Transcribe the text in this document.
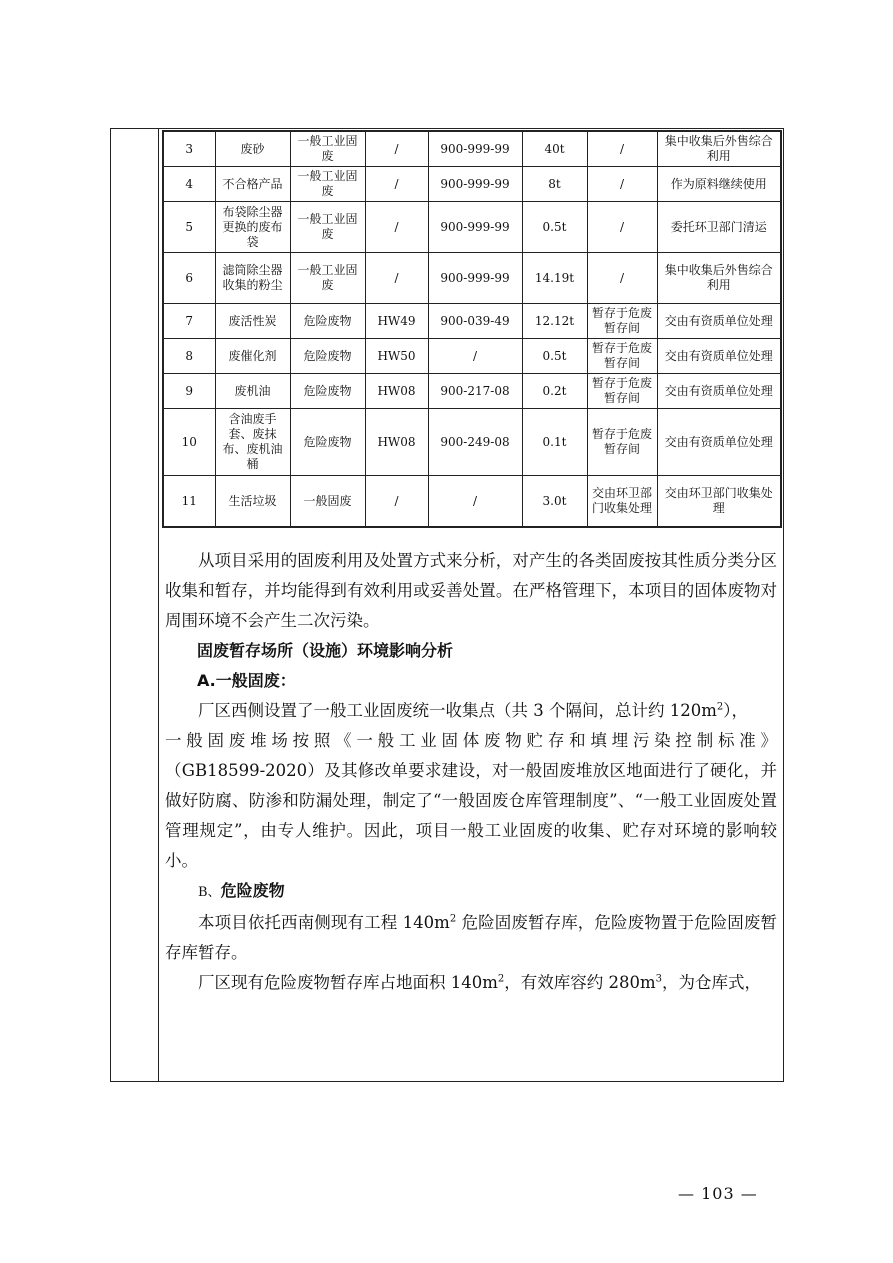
3	废砂	一般工业固废	/	900-999-99	40t	/	集中收集后外售综合利用
4	不合格产品	一般工业固废	/	900-999-99	8t	/	作为原料继续使用
5	布袋除尘器更换的废布袋	一般工业固废	/	900-999-99	0.5t	/	委托环卫部门清运
6	滤筒除尘器收集的粉尘	一般工业固废	/	900-999-99	14.19t	/	集中收集后外售综合利用
7	废活性炭	危险废物	HW49	900-039-49	12.12t	暂存于危废暂存间	交由有资质单位处理
8	废催化剂	危险废物	HW50	/	0.5t	暂存于危废暂存间	交由有资质单位处理
9	废机油	危险废物	HW08	900-217-08	0.2t	暂存于危废暂存间	交由有资质单位处理
10	含油废手套、废抹布、废机油桶	危险废物	HW08	900-249-08	0.1t	暂存于危废暂存间	交由有资质单位处理
11	生活垃圾	一般固废	/	/	3.0t	交由环卫部门收集处理	交由环卫部门收集处理

从项目采用的固废利用及处置方式来分析，对产生的各类固废按其性质分类分区收集和暂存，并均能得到有效利用或妥善处置。在严格管理下，本项目的固体废物对周围环境不会产生二次污染。

固废暂存场所（设施）环境影响分析

A.一般固废：

厂区西侧设置了一般工业固废统一收集点（共 3 个隔间，总计约 $120m^2$），

一般固废堆场按照《一般工业固体废物贮存和填埋污染控制标准》

（GB18599-2020）及其修改单要求建设，对一般固废堆放区地面进行了硬化，并做好防腐、防渗和防漏处理，制定了“一般固废仓库管理制度”、“一般工业固废处置管理规定”，由专人维护。因此，项目一般工业固废的收集、贮存对环境的影响较小。

B、危险废物

本项目依托西南侧现有工程 $140m^2$ 危险固废暂存库，危险废物置于危险固废暂存库暂存。

厂区现有危险废物暂存库占地面积 $140m^2$，有效库容约 $280m^3$，为仓库式，

— 103 —
